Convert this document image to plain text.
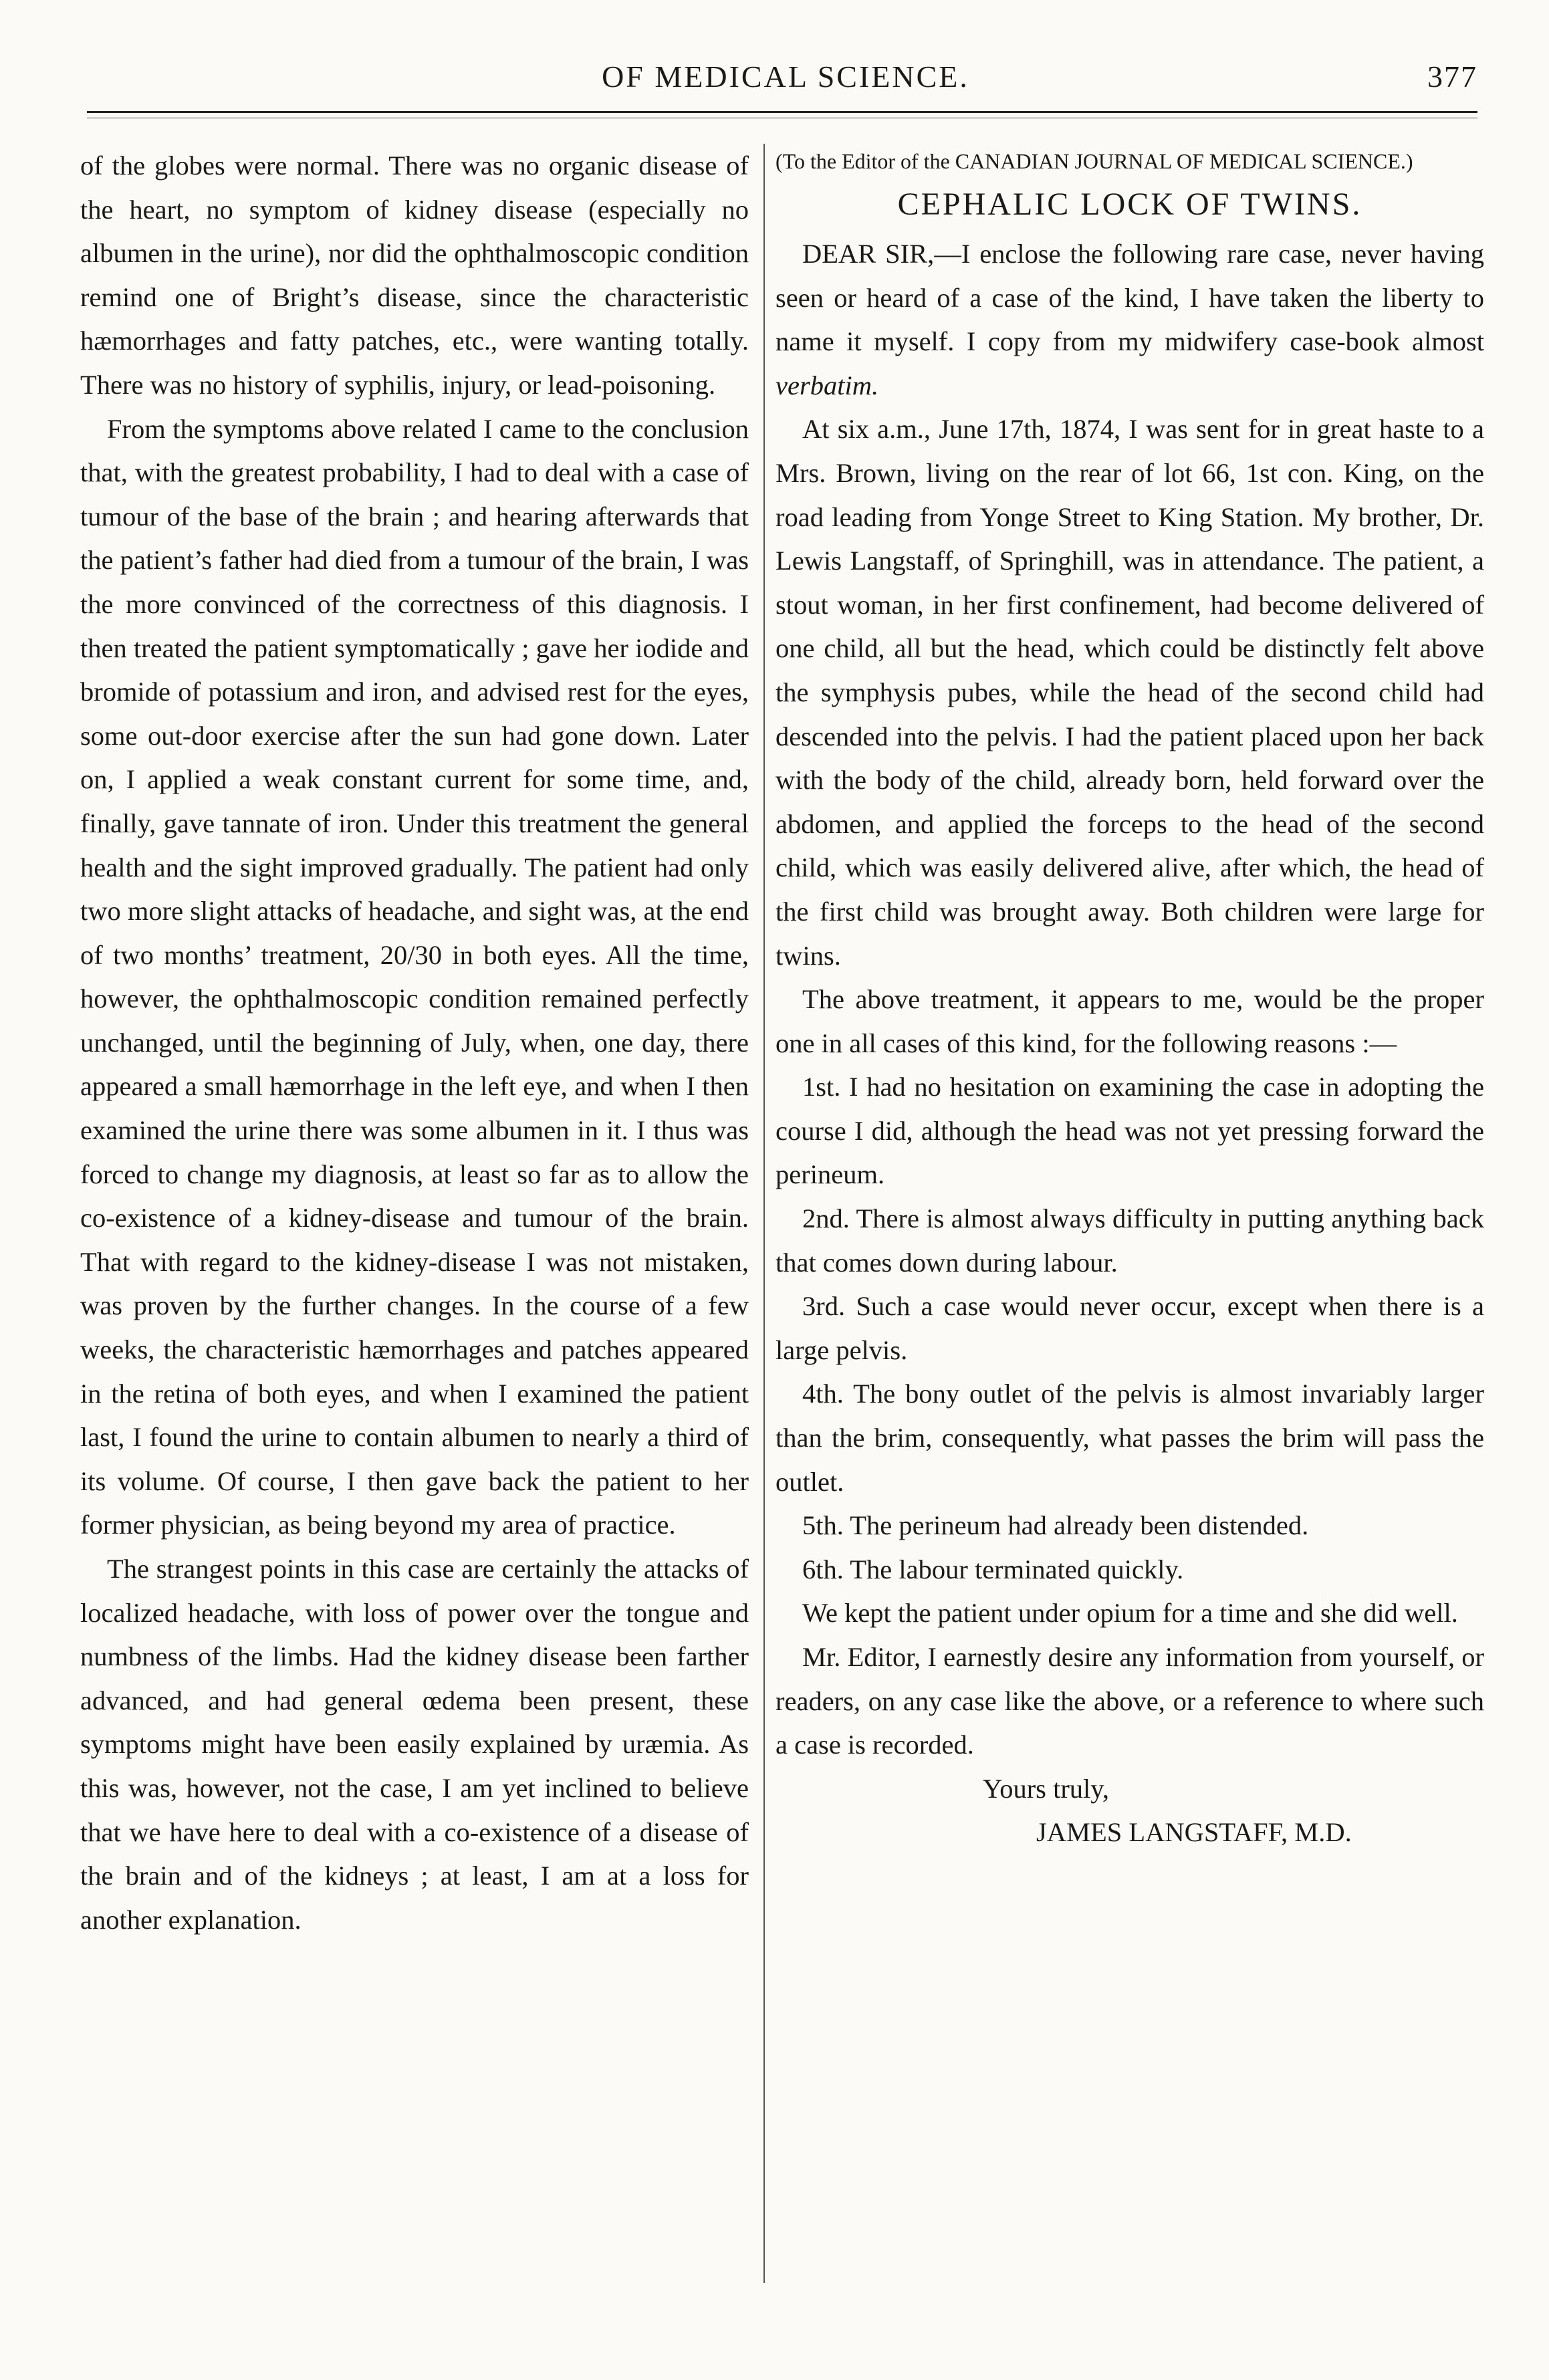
OF MEDICAL SCIENCE.	377

of the globes were normal. There was no organic disease of the heart, no symptom of kidney disease (especially no albumen in the urine), nor did the ophthalmoscopic condition remind one of Bright’s disease, since the characteristic hæmorrhages and fatty patches, etc., were wanting totally. There was no history of syphilis, injury, or lead-poisoning.

From the symptoms above related I came to the conclusion that, with the greatest probability, I had to deal with a case of tumour of the base of the brain ; and hearing afterwards that the patient’s father had died from a tumour of the brain, I was the more convinced of the correctness of this diagnosis. I then treated the patient symptomatically ; gave her iodide and bromide of potassium and iron, and advised rest for the eyes, some out-door exercise after the sun had gone down. Later on, I applied a weak constant current for some time, and, finally, gave tannate of iron. Under this treatment the general health and the sight improved gradually. The patient had only two more slight attacks of headache, and sight was, at the end of two months’ treatment, 20/30 in both eyes. All the time, however, the ophthalmoscopic condition remained perfectly unchanged, until the beginning of July, when, one day, there appeared a small hæmorrhage in the left eye, and when I then examined the urine there was some albumen in it. I thus was forced to change my diagnosis, at least so far as to allow the co-existence of a kidney-disease and tumour of the brain. That with regard to the kidney-disease I was not mistaken, was proven by the further changes. In the course of a few weeks, the characteristic hæmorrhages and patches appeared in the retina of both eyes, and when I examined the patient last, I found the urine to contain albumen to nearly a third of its volume. Of course, I then gave back the patient to her former physician, as being beyond my area of practice.

The strangest points in this case are certainly the attacks of localized headache, with loss of power over the tongue and numbness of the limbs. Had the kidney disease been farther advanced, and had general œdema been present, these symptoms might have been easily explained by uræmia. As this was, however, not the case, I am yet inclined to believe that we have here to deal with a co-existence of a disease of the brain and of the kidneys ; at least, I am at a loss for another explanation.

(To the Editor of the CANADIAN JOURNAL OF MEDICAL SCIENCE.)

CEPHALIC LOCK OF TWINS.

DEAR SIR,—I enclose the following rare case, never having seen or heard of a case of the kind, I have taken the liberty to name it myself. I copy from my midwifery case-book almost verbatim.

At six a.m., June 17th, 1874, I was sent for in great haste to a Mrs. Brown, living on the rear of lot 66, 1st con. King, on the road leading from Yonge Street to King Station. My brother, Dr. Lewis Langstaff, of Springhill, was in attendance. The patient, a stout woman, in her first confinement, had become delivered of one child, all but the head, which could be distinctly felt above the symphysis pubes, while the head of the second child had descended into the pelvis. I had the patient placed upon her back with the body of the child, already born, held forward over the abdomen, and applied the forceps to the head of the second child, which was easily delivered alive, after which, the head of the first child was brought away. Both children were large for twins.

The above treatment, it appears to me, would be the proper one in all cases of this kind, for the following reasons :—

1st. I had no hesitation on examining the case in adopting the course I did, although the head was not yet pressing forward the perineum.

2nd. There is almost always difficulty in putting anything back that comes down during labour.

3rd. Such a case would never occur, except when there is a large pelvis.

4th. The bony outlet of the pelvis is almost invariably larger than the brim, consequently, what passes the brim will pass the outlet.

5th. The perineum had already been distended.

6th. The labour terminated quickly.

We kept the patient under opium for a time and she did well.

Mr. Editor, I earnestly desire any information from yourself, or readers, on any case like the above, or a reference to where such a case is recorded.

Yours truly,

JAMES LANGSTAFF, M.D.
